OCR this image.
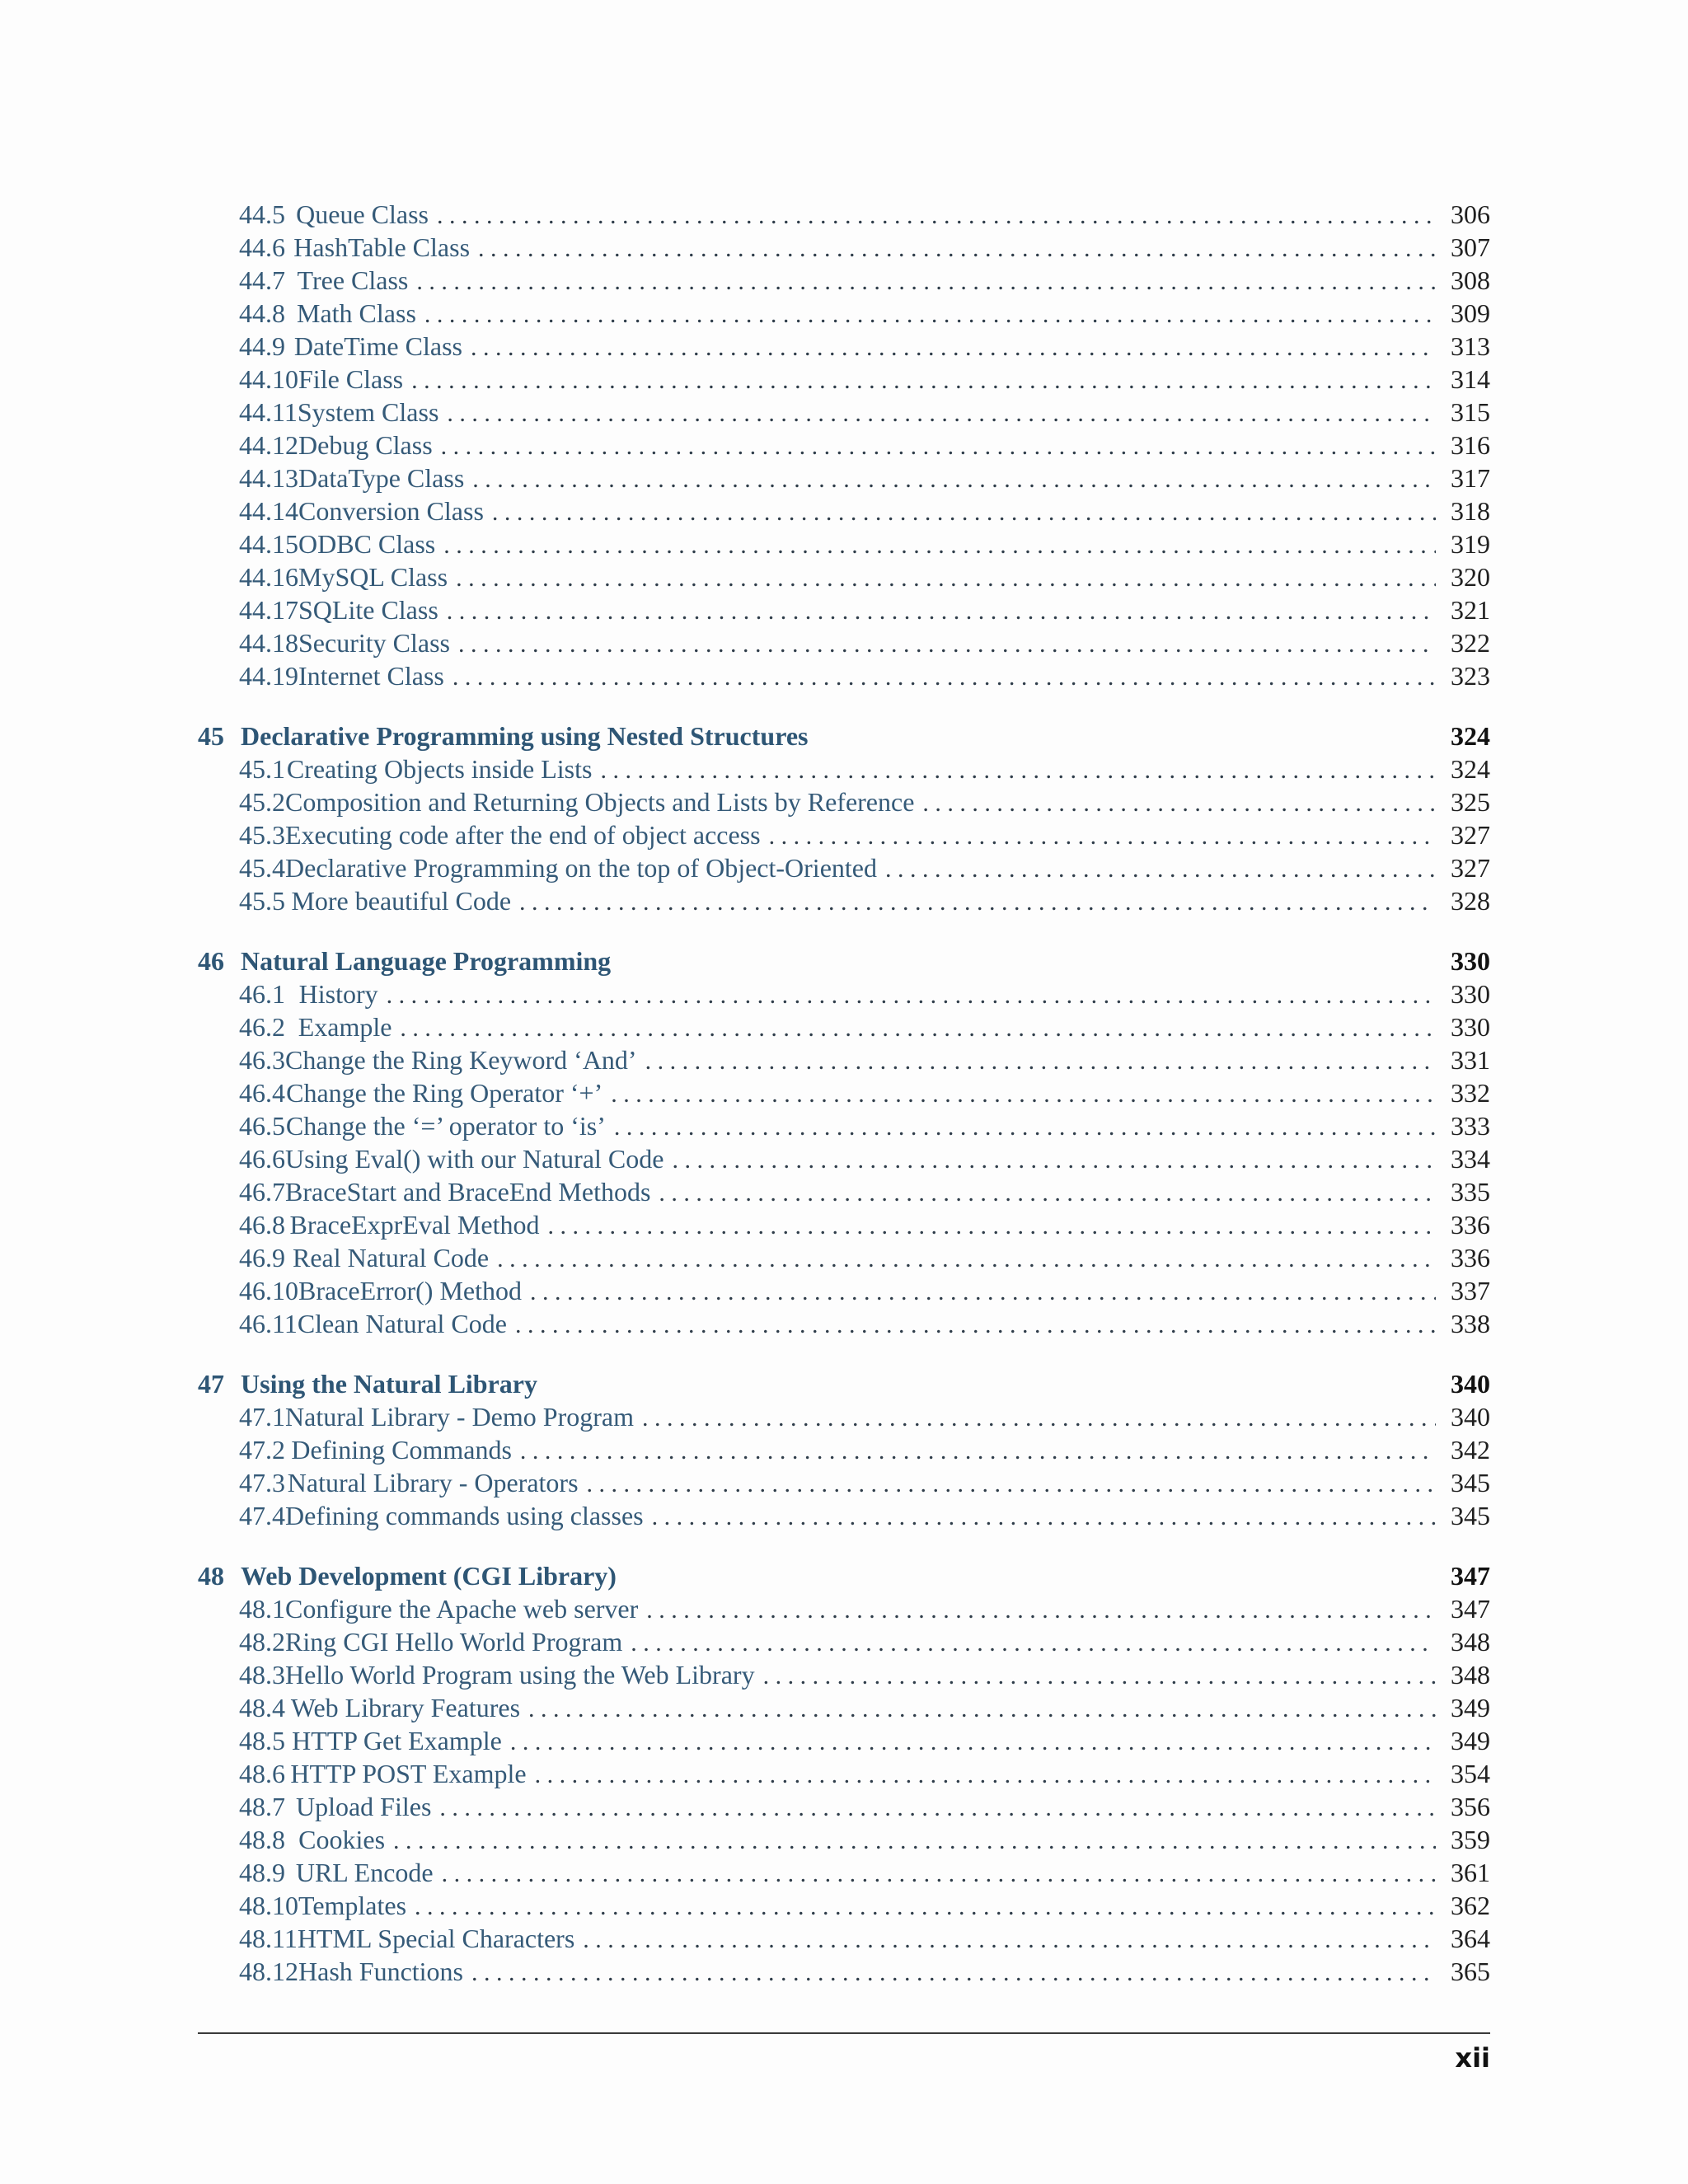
44.5 Queue Class . . .	306
44.6 HashTable Class . . .	307
44.7 Tree Class . . .	308
44.8 Math Class . . .	309
44.9 DateTime Class . . .	313
44.10 File Class . . .	314
44.11 System Class . . .	315
44.12 Debug Class . . .	316
44.13 DataType Class . . .	317
44.14 Conversion Class . . .	318
44.15 ODBC Class . . .	319
44.16 MySQL Class . . .	320
44.17 SQLite Class . . .	321
44.18 Security Class . . .	322
44.19 Internet Class . . .	323
45 Declarative Programming using Nested Structures	324
45.1 Creating Objects inside Lists . . .	324
45.2 Composition and Returning Objects and Lists by Reference . . .	325
45.3 Executing code after the end of object access . . .	327
45.4 Declarative Programming on the top of Object-Oriented . . .	327
45.5 More beautiful Code . . .	328
46 Natural Language Programming	330
46.1 History . . .	330
46.2 Example . . .	330
46.3 Change the Ring Keyword ‘And’ . . .	331
46.4 Change the Ring Operator ‘+’ . . .	332
46.5 Change the ‘=’ operator to ‘is’ . . .	333
46.6 Using Eval() with our Natural Code . . .	334
46.7 BraceStart and BraceEnd Methods . . .	335
46.8 BraceExprEval Method . . .	336
46.9 Real Natural Code . . .	336
46.10 BraceError() Method . . .	337
46.11 Clean Natural Code . . .	338
47 Using the Natural Library	340
47.1 Natural Library - Demo Program . . .	340
47.2 Defining Commands . . .	342
47.3 Natural Library - Operators . . .	345
47.4 Defining commands using classes . . .	345
48 Web Development (CGI Library)	347
48.1 Configure the Apache web server . . .	347
48.2 Ring CGI Hello World Program . . .	348
48.3 Hello World Program using the Web Library . . .	348
48.4 Web Library Features . . .	349
48.5 HTTP Get Example . . .	349
48.6 HTTP POST Example . . .	354
48.7 Upload Files . . .	356
48.8 Cookies . . .	359
48.9 URL Encode . . .	361
48.10 Templates . . .	362
48.11 HTML Special Characters . . .	364
48.12 Hash Functions . . .	365
xii
